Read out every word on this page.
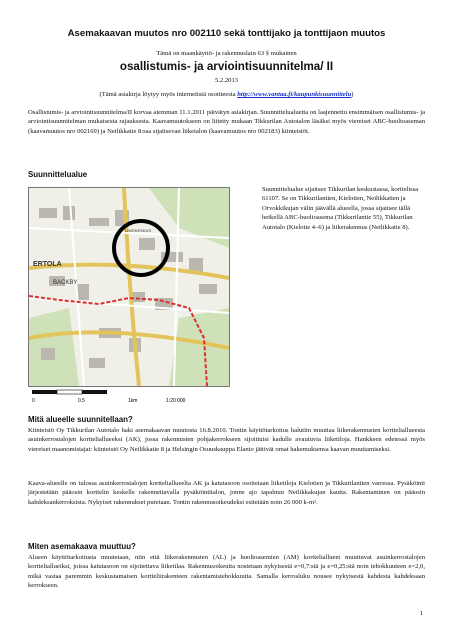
Asemakaavan muutos nro 002110 sekä tonttijako ja tonttijaon muutos
Tämä on maankäyttö- ja rakennuslain 63 § mukainen
osallistumis- ja arviointisuunnitelma/ II
5.2.2013
(Tämä asiakirja löytyy myös internetistä osoitteesta http://www.vantaa.fi/kaupunkisuunnittelu)
Osallistumis- ja arviointisuunnitelma/II korvaa aiemman 11.1.2011 päivätyn asiakirjan. Suunnittelualuetta on laajennettu ensimmäisen osallistumis- ja arviointisuunnitelman mukaisesta rajauksesta. Kaavamuutokseen on liitetty mukaan Tikkurilan Autotalon läsäksi myös viereiset ABC-huoltoaseman (kaavamuutos nro 002169) ja Neilikkatie 8:ssa sijaitsevan liiketalon (kaavamuutos nro 002183) kiinteistöt.
Suunnittelualue
ERTOLA
BACKBY
LIIKEKESKUS
Suunnittelualue sijaitsee Tikkurilan keskustassa, korttelissa 61107. Se on Tikkurilantien, Kielotien, Neilikkatien ja Orvokkikujan välin jäävällä alueella, jossa sijaitsee tällä hetkellä ABC-huoltoasema (Tikkurilantie 55), Tikkurilan Autotalo (Kielotie 4–6) ja liikerakennus (Neilikkatie 8).
0	0.5	1km	1:20 000
Mitä alueelle suunnitellaan?
Kiinteistö Oy Tikkurilan Autotalo haki asemakaavan muutosta 16.8.2010. Tontin käyttötarkoitus halutiin muuttaa liikerakennusten kortteliallueesta asuinkerrostalojen kortteliallueeksi (AK), jossa rakennusten pohjakerrokseen sijoittuisi kadulle avautuvia liiketiloja. Hankkeen edetessä myös viereiset maanomistajat: kiinteistö Oy Neilikkatie 8 ja Helsingin Osuuskauppa Elanto jättivät omat hakemuksensa kaavan muuttamiseksi.
Kaava-alueelle on tulossa asuinkerrostalojen kortteliallueelta AK ja katutasoon osoitetaan liiketiloja Kielotien ja Tikkurilantien varressa. Pysäköinti järjestetään pääosin korttelin keskelle rakennettavalla pysäköintitalon, jonne ajo tapahtuu Neilikkakujan kautta. Rakentaminen on pääosin kahdeksankerroksista. Nykyiset rakennukset puretaan. Tontin rakennusoikeudeksi esitetään noin 26 000 k-m².
Miten asemakaava muuttuu?
Alueen käyttötarkoitusta muutetaan, niin että liikerakennusten (AL) ja huoltoasemien (AM) kortteliallueet muuttuvat asuinkerrostalojen kortteliallueiksi, joissa katutasoon on sijoitettava liiketilaa. Rakennusoikeutta nostetaan nykyisestä e=0,7:stä ja e=0,25:stä noin tehokkuuteen e=2,0, mikä vastaa paremmin keskustamaisen kortteliirakenteen rakentamistehokkuutta. Samalla kerrosluku nousee nykyisestä kahdesta kahdeksaan kerrokseen.
1
